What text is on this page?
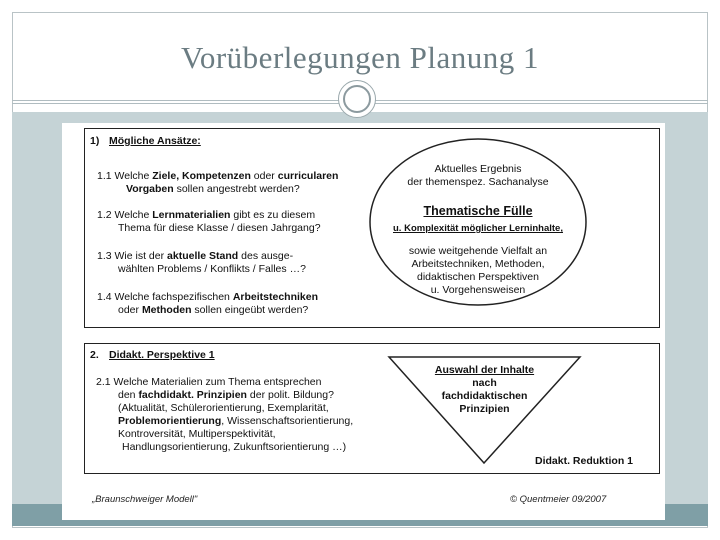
Vorüberlegungen Planung 1
1) Mögliche Ansätze:
1.1 Welche Ziele, Kompetenzen oder curricularen
Vorgaben sollen angestrebt werden?
1.2 Welche Lernmaterialien gibt es zu diesem
Thema für diese Klasse / diesen Jahrgang?
1.3 Wie ist der aktuelle Stand des ausge-
wählten Problems / Konflikts / Falles …?
1.4 Welche fachspezifischen Arbeitstechniken
oder Methoden sollen eingeübt werden?
Aktuelles Ergebnis
der themenspez. Sachanalyse
Thematische Fülle
u. Komplexität möglicher Lerninhalte,
sowie weitgehende Vielfalt an
Arbeitstechniken, Methoden,
didaktischen Perspektiven
u. Vorgehensweisen
2. Didakt. Perspektive 1
2.1 Welche Materialien zum Thema entsprechen
den fachdidakt. Prinzipien der polit. Bildung?
(Aktualität, Schülerorientierung, Exemplarität,
Problemorientierung, Wissenschaftsorientierung,
Kontroversität, Multiperspektivität,
Handlungsorientierung, Zukunftsorientierung …)
Auswahl der Inhalte
nach
fachdidaktischen
Prinzipien
Didakt. Reduktion 1
„Braunschweiger Modell"	© Quentmeier 09/2007
